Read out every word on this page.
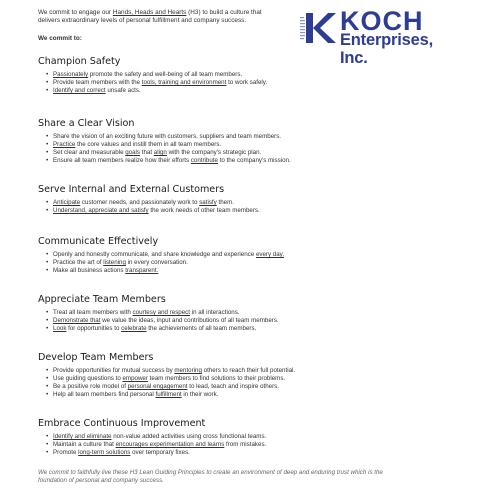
We commit to engage our Hands, Heads and Hearts (H3) to build a culture that
delivers extraordinary levels of personal fulfillment and company success.
We commit to:
KOCH
Enterprises, Inc.
Champion Safety
• Passionately promote the safety and well-being of all team members.
• Provide team members with the tools, training and environment to work safely.
• Identify and correct unsafe acts.
Share a Clear Vision
• Share the vision of an exciting future with customers, suppliers and team members.
• Practice the core values and instill them in all team members.
• Set clear and measurable goals that align with the company's strategic plan.
• Ensure all team members realize how their efforts contribute to the company's mission.
Serve Internal and External Customers
• Anticipate customer needs, and passionately work to satisfy them.
• Understand, appreciate and satisfy the work needs of other team members.
Communicate Effectively
• Openly and honestly communicate, and share knowledge and experience every day.
• Practice the art of listening in every conversation.
• Make all business actions transparent.
Appreciate Team Members
• Treat all team members with courtesy and respect in all interactions.
• Demonstrate that we value the ideas, input and contributions of all team members.
• Look for opportunities to celebrate the achievements of all team members.
Develop Team Members
• Provide opportunities for mutual success by mentoring others to reach their full potential.
• Use guiding questions to empower team members to find solutions to their problems.
• Be a positive role model of personal engagement to lead, teach and inspire others.
• Help all team members find personal fulfillment in their work.
Embrace Continuous Improvement
• Identify and eliminate non-value added activities using cross functional teams.
• Maintain a culture that encourages experimentation and learns from mistakes.
• Promote long-term solutions over temporary fixes.
We commit to faithfully live these H3 Lean Guiding Principles to create an environment of deep and enduring trust which is the
foundation of personal and company success.
